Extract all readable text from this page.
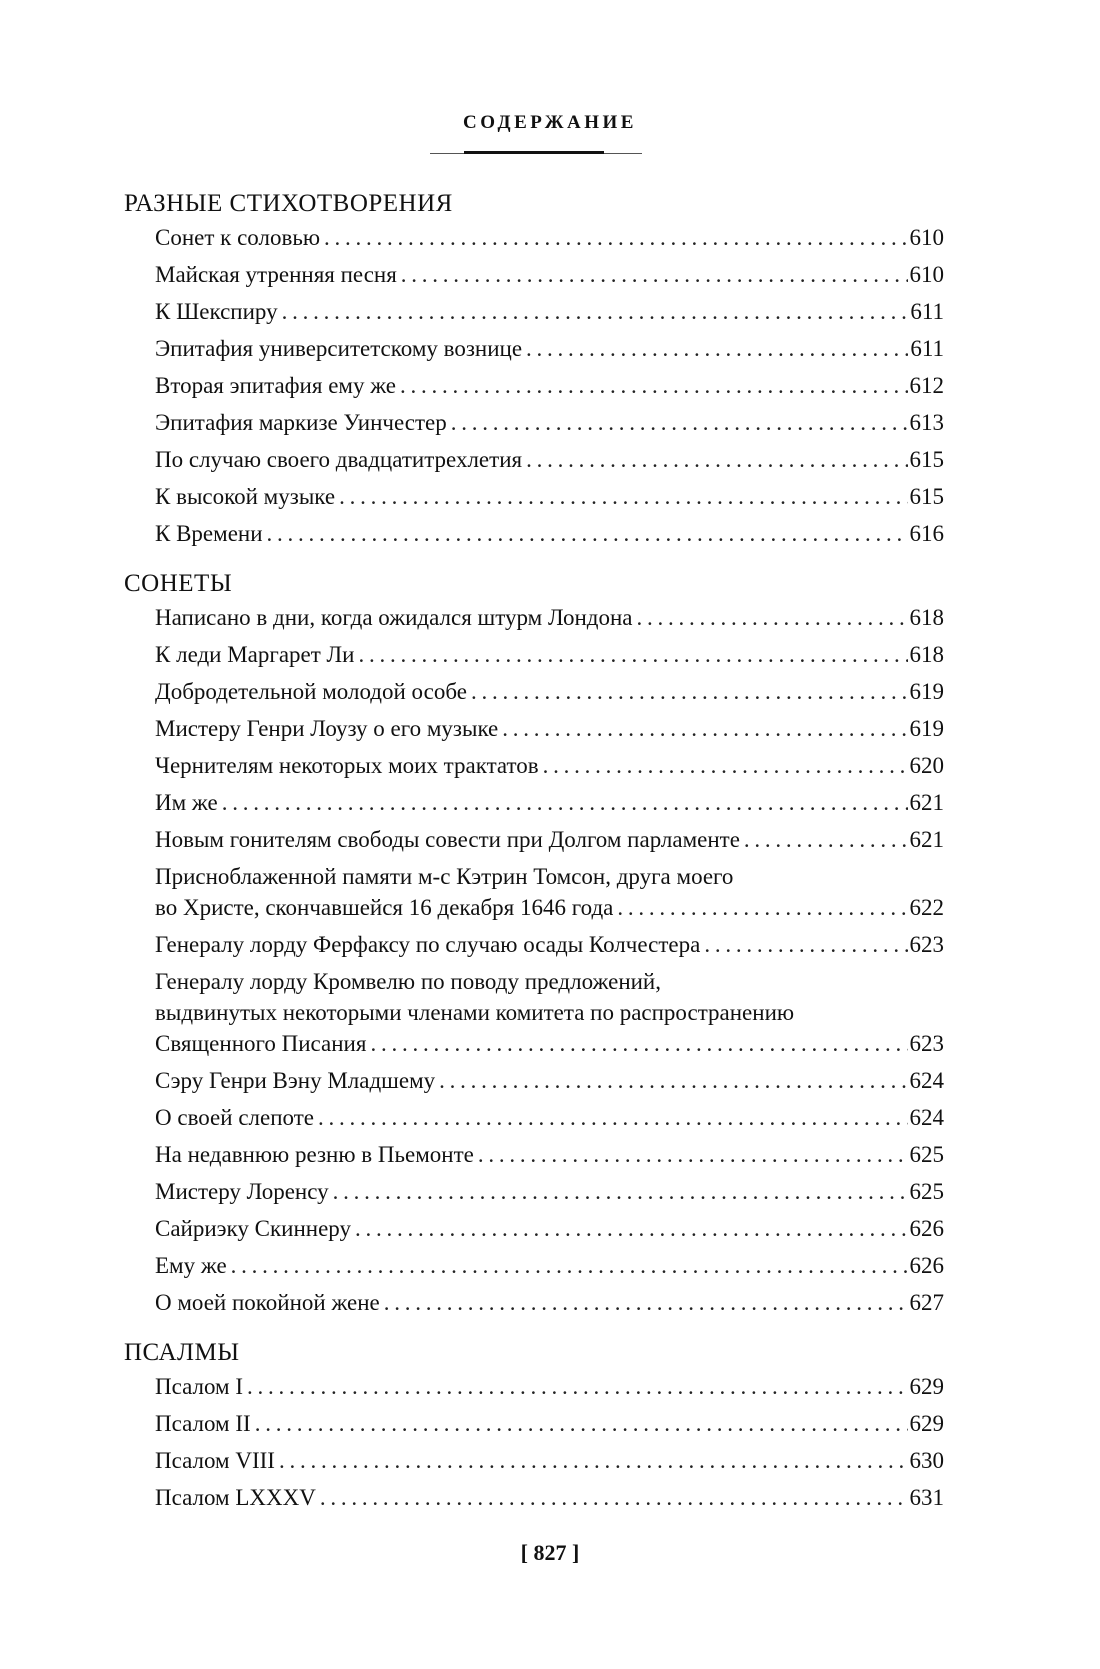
СОДЕРЖАНИЕ
РАЗНЫЕ СТИХОТВОРЕНИЯ
Сонет к соловью . . .	610
Майская утренняя песня . . .	610
К Шекспиру . . .	611
Эпитафия университетскому вознице . . .	611
Вторая эпитафия ему же . . .	612
Эпитафия маркизе Уинчестер . . .	613
По случаю своего двадцатитрехлетия . . .	615
К высокой музыке . . .	615
К Времени . . .	616
СОНЕТЫ
Написано в дни, когда ожидался штурм Лондона . . .	618
К леди Маргарет Ли . . .	618
Добродетельной молодой особе . . .	619
Мистеру Генри Лоузу о его музыке . . .	619
Чернителям некоторых моих трактатов . . .	620
Им же . . .	621
Новым гонителям свободы совести при Долгом парламенте . . .	621
Присноблаженной памяти м-с Кэтрин Томсон, друга моего
во Христе, скончавшейся 16 декабря 1646 года . . .	622
Генералу лорду Ферфаксу по случаю осады Колчестера . . .	623
Генералу лорду Кромвелю по поводу предложений,
выдвинутых некоторыми членами комитета по распространению
Священного Писания . . .	623
Сэру Генри Вэну Младшему . . .	624
О своей слепоте . . .	624
На недавнюю резню в Пьемонте . . .	625
Мистеру Лоренсу . . .	625
Сайриэку Скиннеру . . .	626
Ему же . . .	626
О моей покойной жене . . .	627
ПСАЛМЫ
Псалом I . . .	629
Псалом II . . .	629
Псалом VIII . . .	630
Псалом LXXXV . . .	631
[ 827 ]
